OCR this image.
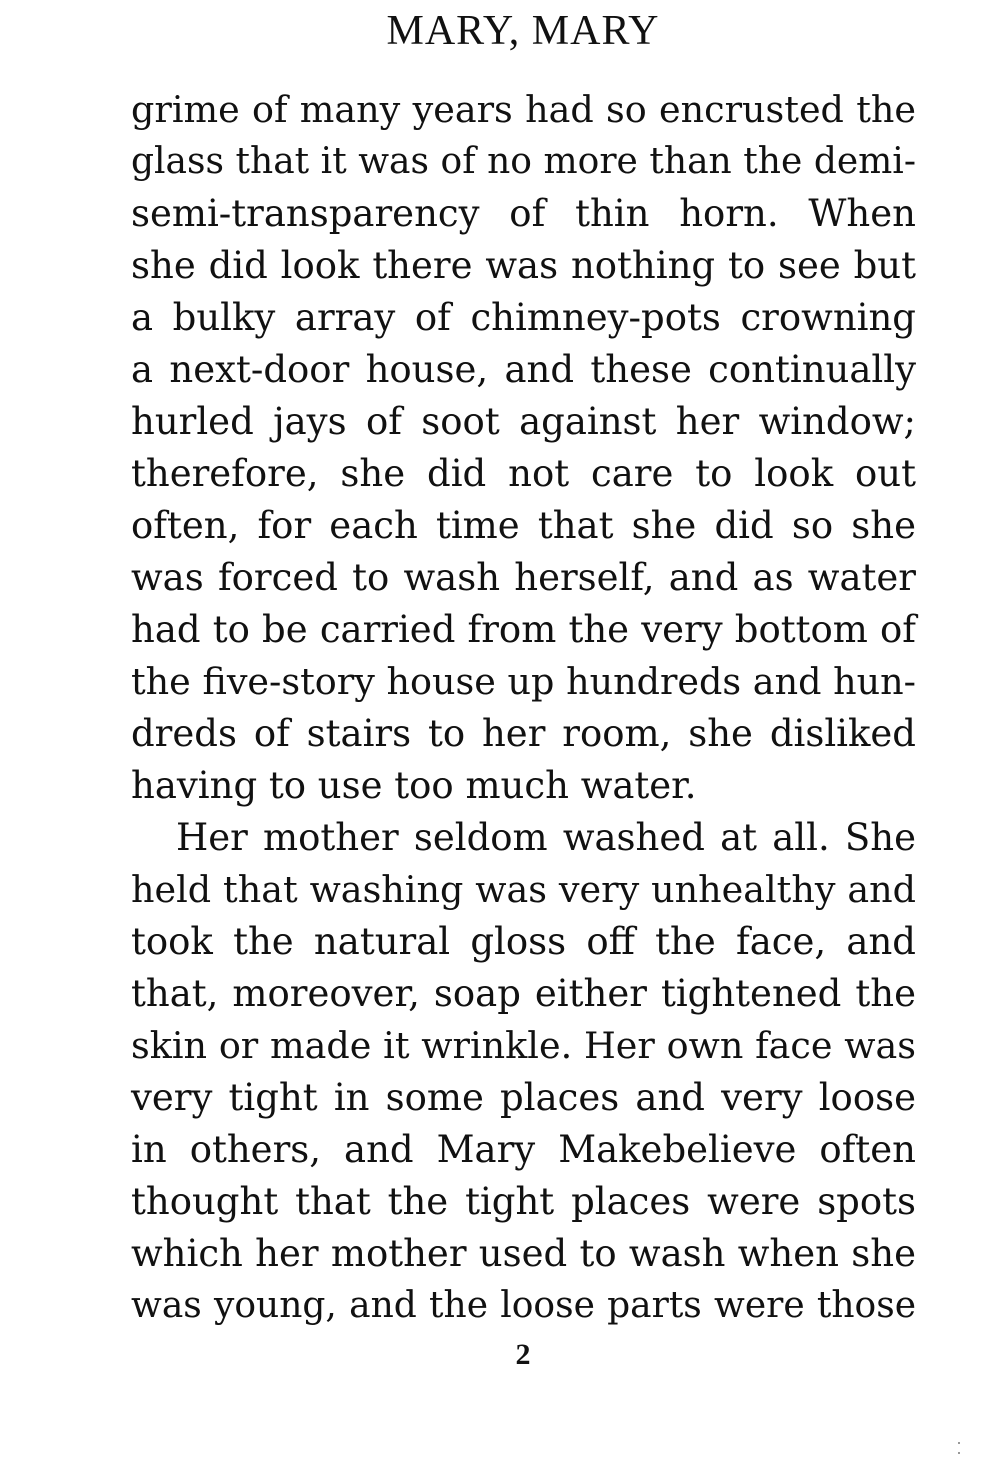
MARY, MARY
grime of many years had so encrusted the
glass that it was of no more than the demi-
semi-transparency of thin horn. When
she did look there was nothing to see but
a bulky array of chimney-pots crowning
a next-door house, and these continually
hurled jays of soot against her window;
therefore, she did not care to look out
often, for each time that she did so she
was forced to wash herself, and as water
had to be carried from the very bottom of
the five-story house up hundreds and hun-
dreds of stairs to her room, she disliked
having to use too much water.
Her mother seldom washed at all. She
held that washing was very unhealthy and
took the natural gloss off the face, and
that, moreover, soap either tightened the
skin or made it wrinkle. Her own face was
very tight in some places and very loose
in others, and Mary Makebelieve often
thought that the tight places were spots
which her mother used to wash when she
was young, and the loose parts were those
2
